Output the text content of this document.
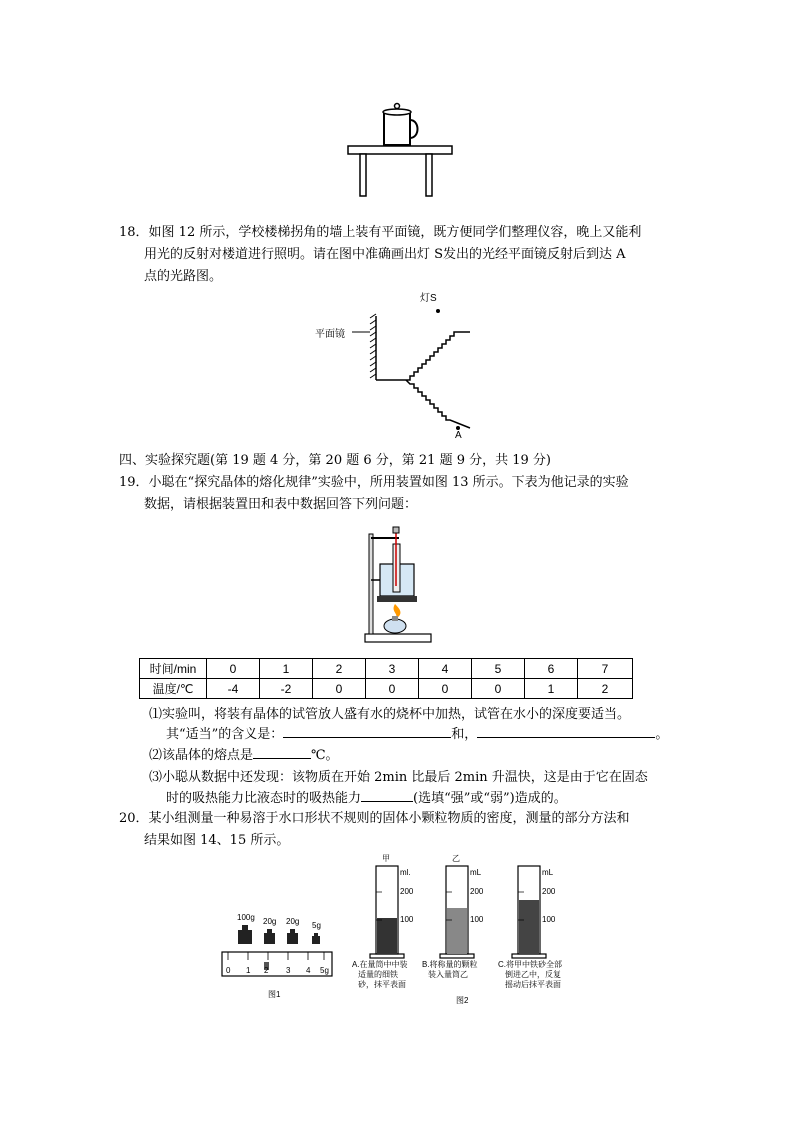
18．如图 12 所示，学校楼梯拐角的墙上装有平面镜，既方便同学们整理仪容，晚上又能利
用光的反射对楼道进行照明。请在图中准确画出灯 S发出的光经平面镜反射后到达 A
点的光路图。
灯S
平面镜
A
四、实验探究题(第 19 题 4 分，第 20 题 6 分，第 21 题 9 分，共 19 分)
19．小聪在“探究晶体的熔化规律”实验中，所用装置如图 13 所示。下表为他记录的实验
数据，请根据装置田和表中数据回答下列问题：
时间/min	0	1	2	3	4	5	6	7
温度/℃	-4	-2	0	0	0	0	1	2
⑴实验叫，将装有晶体的试管放人盛有水的烧杯中加热，试管在水小的深度要适当。
其“适当”的含义是：	和，	。
⑵该晶体的熔点是	℃。
⑶小聪从数据中还发现：该物质在开始 2min 比最后 2min 升温快，这是由于它在固态
时的吸热能力比液态时的吸热能力	(选填“强”或“弱”)造成的。
20．某小组测量一种易溶于水口形状不规则的固体小颗粒物质的密度，测量的部分方法和
结果如图 14、15 所示。
100g 20g 20g 5g
0 1 2 3 4 5g
图1
甲	乙
ml.	mL	mL
200
100
200
100
200
100
A.在量筒中中装
适量的细铁
砂，抹平表面
B.将称量的颗粒
装入量筒乙
C.将甲中铁砂全部
倒进乙中，反复
摇动后抹平表面
图2
